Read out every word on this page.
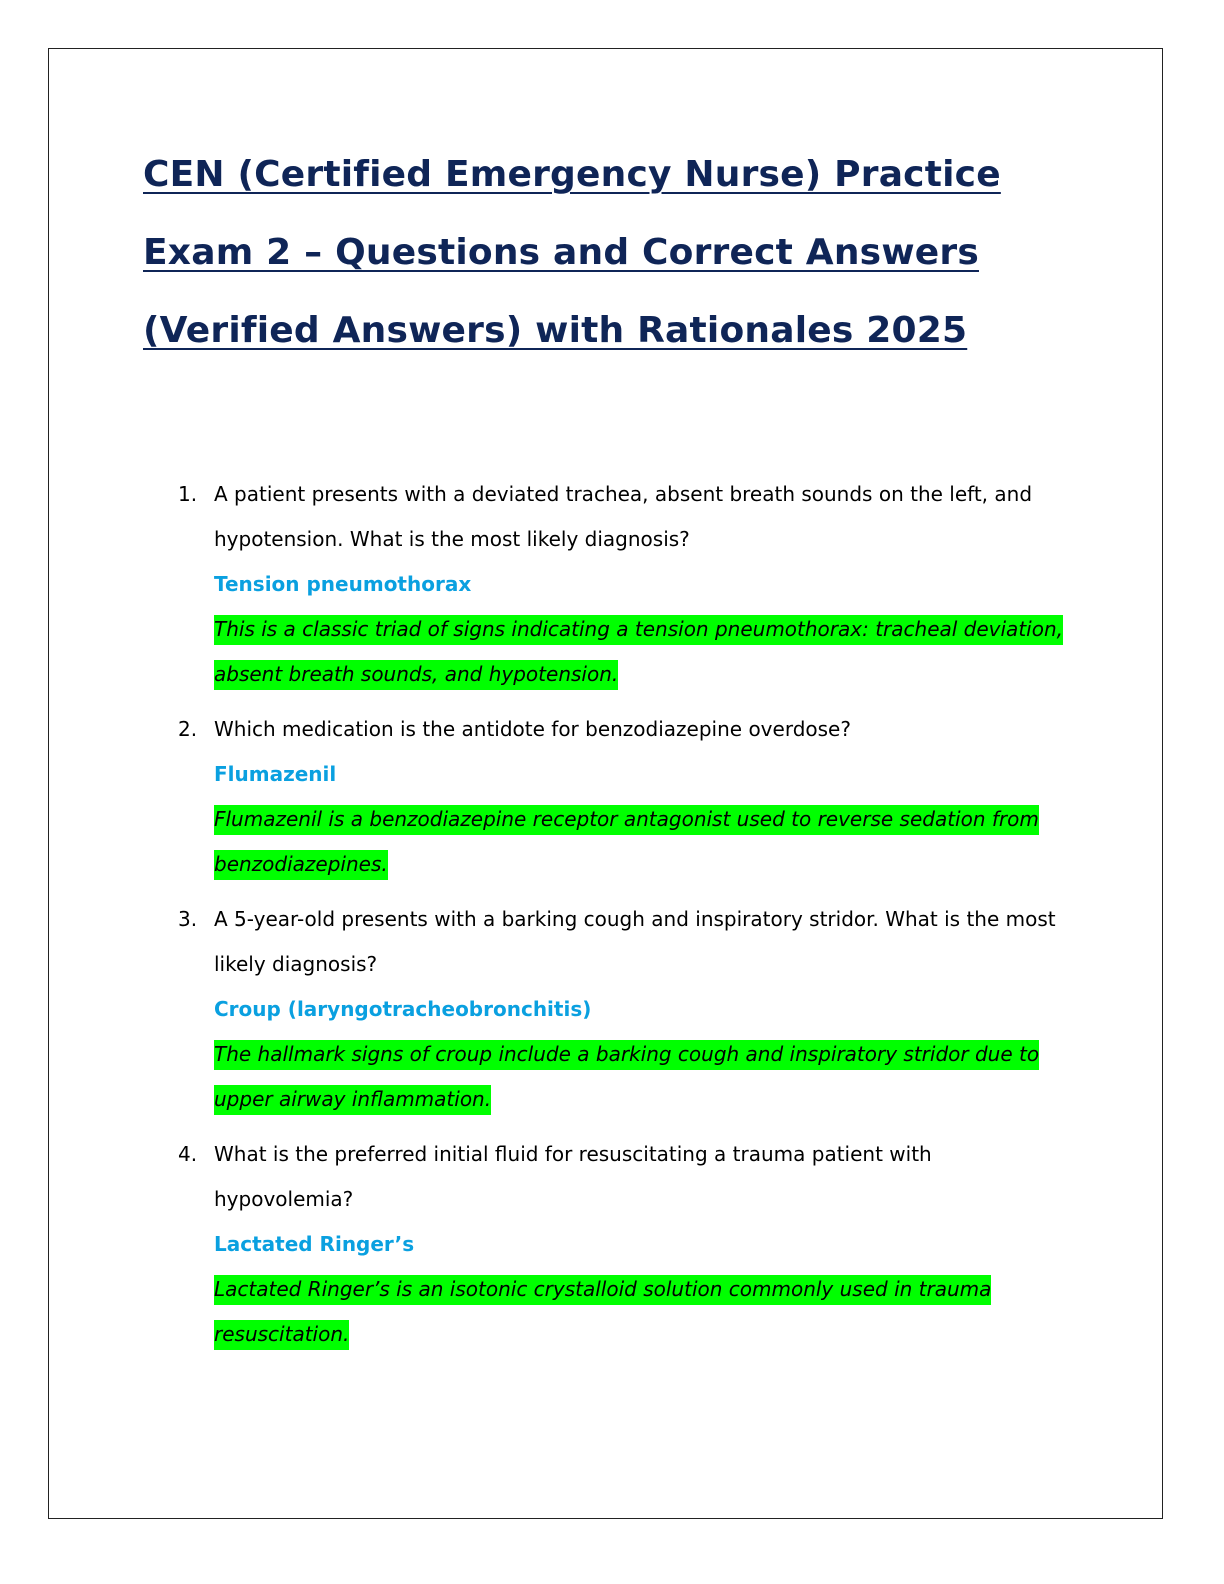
CEN (Certified Emergency Nurse) Practice
Exam 2 – Questions and Correct Answers
(Verified Answers) with Rationales 2025
1. A patient presents with a deviated trachea, absent breath sounds on the left, and hypotension. What is the most likely diagnosis?

Tension pneumothorax

This is a classic triad of signs indicating a tension pneumothorax: tracheal deviation, absent breath sounds, and hypotension.

2. Which medication is the antidote for benzodiazepine overdose?

Flumazenil

Flumazenil is a benzodiazepine receptor antagonist used to reverse sedation from benzodiazepines.

3. A 5-year-old presents with a barking cough and inspiratory stridor. What is the most likely diagnosis?

Croup (laryngotracheobronchitis)

The hallmark signs of croup include a barking cough and inspiratory stridor due to upper airway inflammation.

4. What is the preferred initial fluid for resuscitating a trauma patient with hypovolemia?

Lactated Ringer’s

Lactated Ringer’s is an isotonic crystalloid solution commonly used in trauma resuscitation.
